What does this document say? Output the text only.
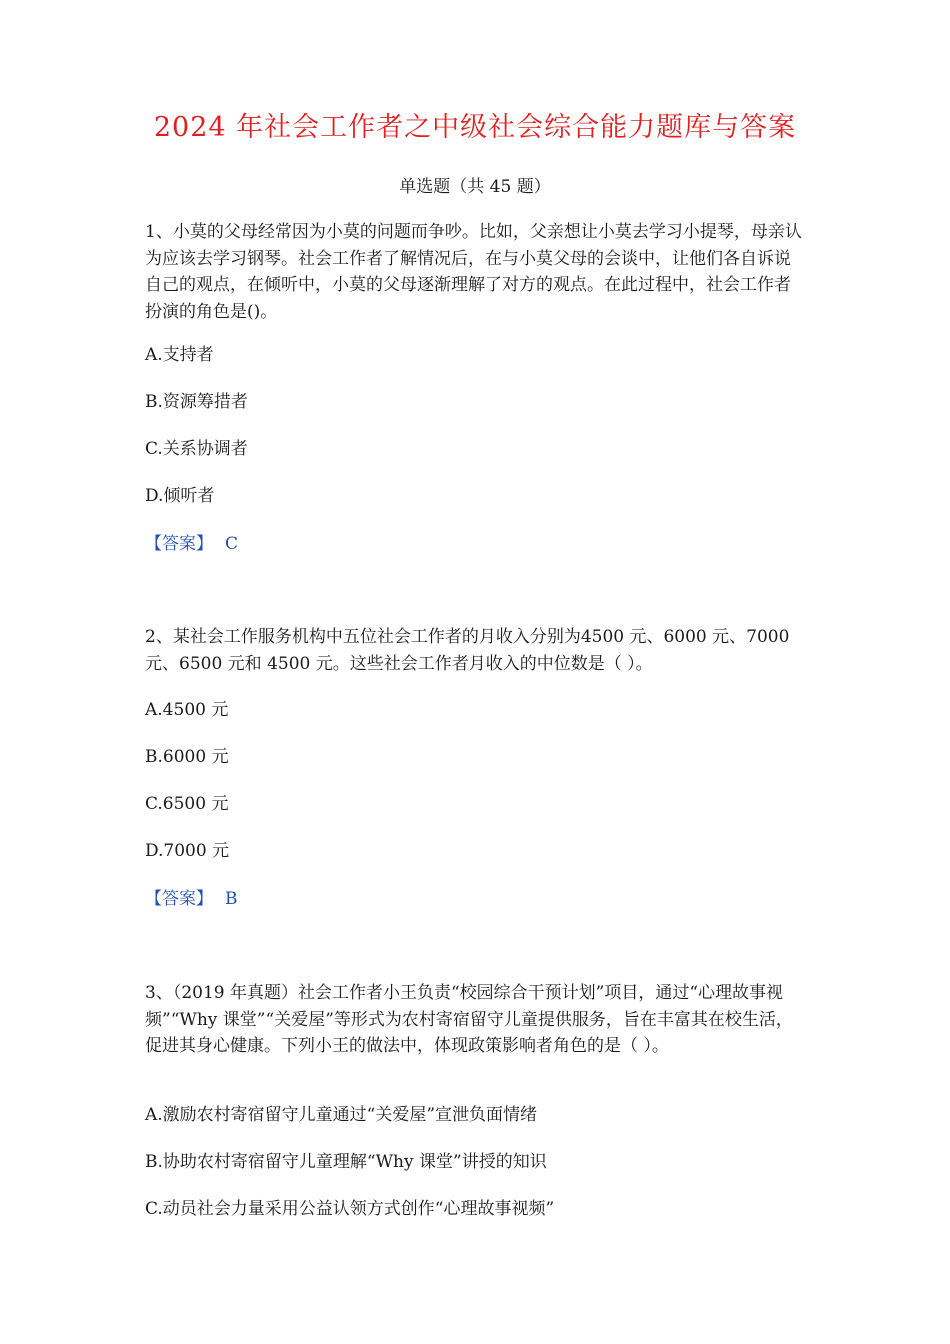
2024 年社会工作者之中级社会综合能力题库与答案
单选题（共 45 题）
1、小莫的父母经常因为小莫的问题而争吵。比如，父亲想让小莫去学习小提琴，母亲认为应该去学习钢琴。社会工作者了解情况后，在与小莫父母的会谈中，让他们各自诉说自己的观点，在倾听中，小莫的父母逐渐理解了对方的观点。在此过程中，社会工作者扮演的角色是()。
A.支持者
B.资源筹措者
C.关系协调者
D.倾听者
【答案】 C
2、某社会工作服务机构中五位社会工作者的月收入分别为4500 元、6000 元、7000 元、6500 元和 4500 元。这些社会工作者月收入的中位数是（ ）。
A.4500 元
B.6000 元
C.6500 元
D.7000 元
【答案】 B
3、（2019 年真题）社会工作者小王负责“校园综合干预计划”项目，通过“心理故事视频”“Why 课堂”“关爱屋”等形式为农村寄宿留守儿童提供服务，旨在丰富其在校生活，促进其身心健康。下列小王的做法中，体现政策影响者角色的是（ ）。
A.激励农村寄宿留守儿童通过“关爱屋”宣泄负面情绪
B.协助农村寄宿留守儿童理解“Why 课堂”讲授的知识
C.动员社会力量采用公益认领方式创作“心理故事视频”
